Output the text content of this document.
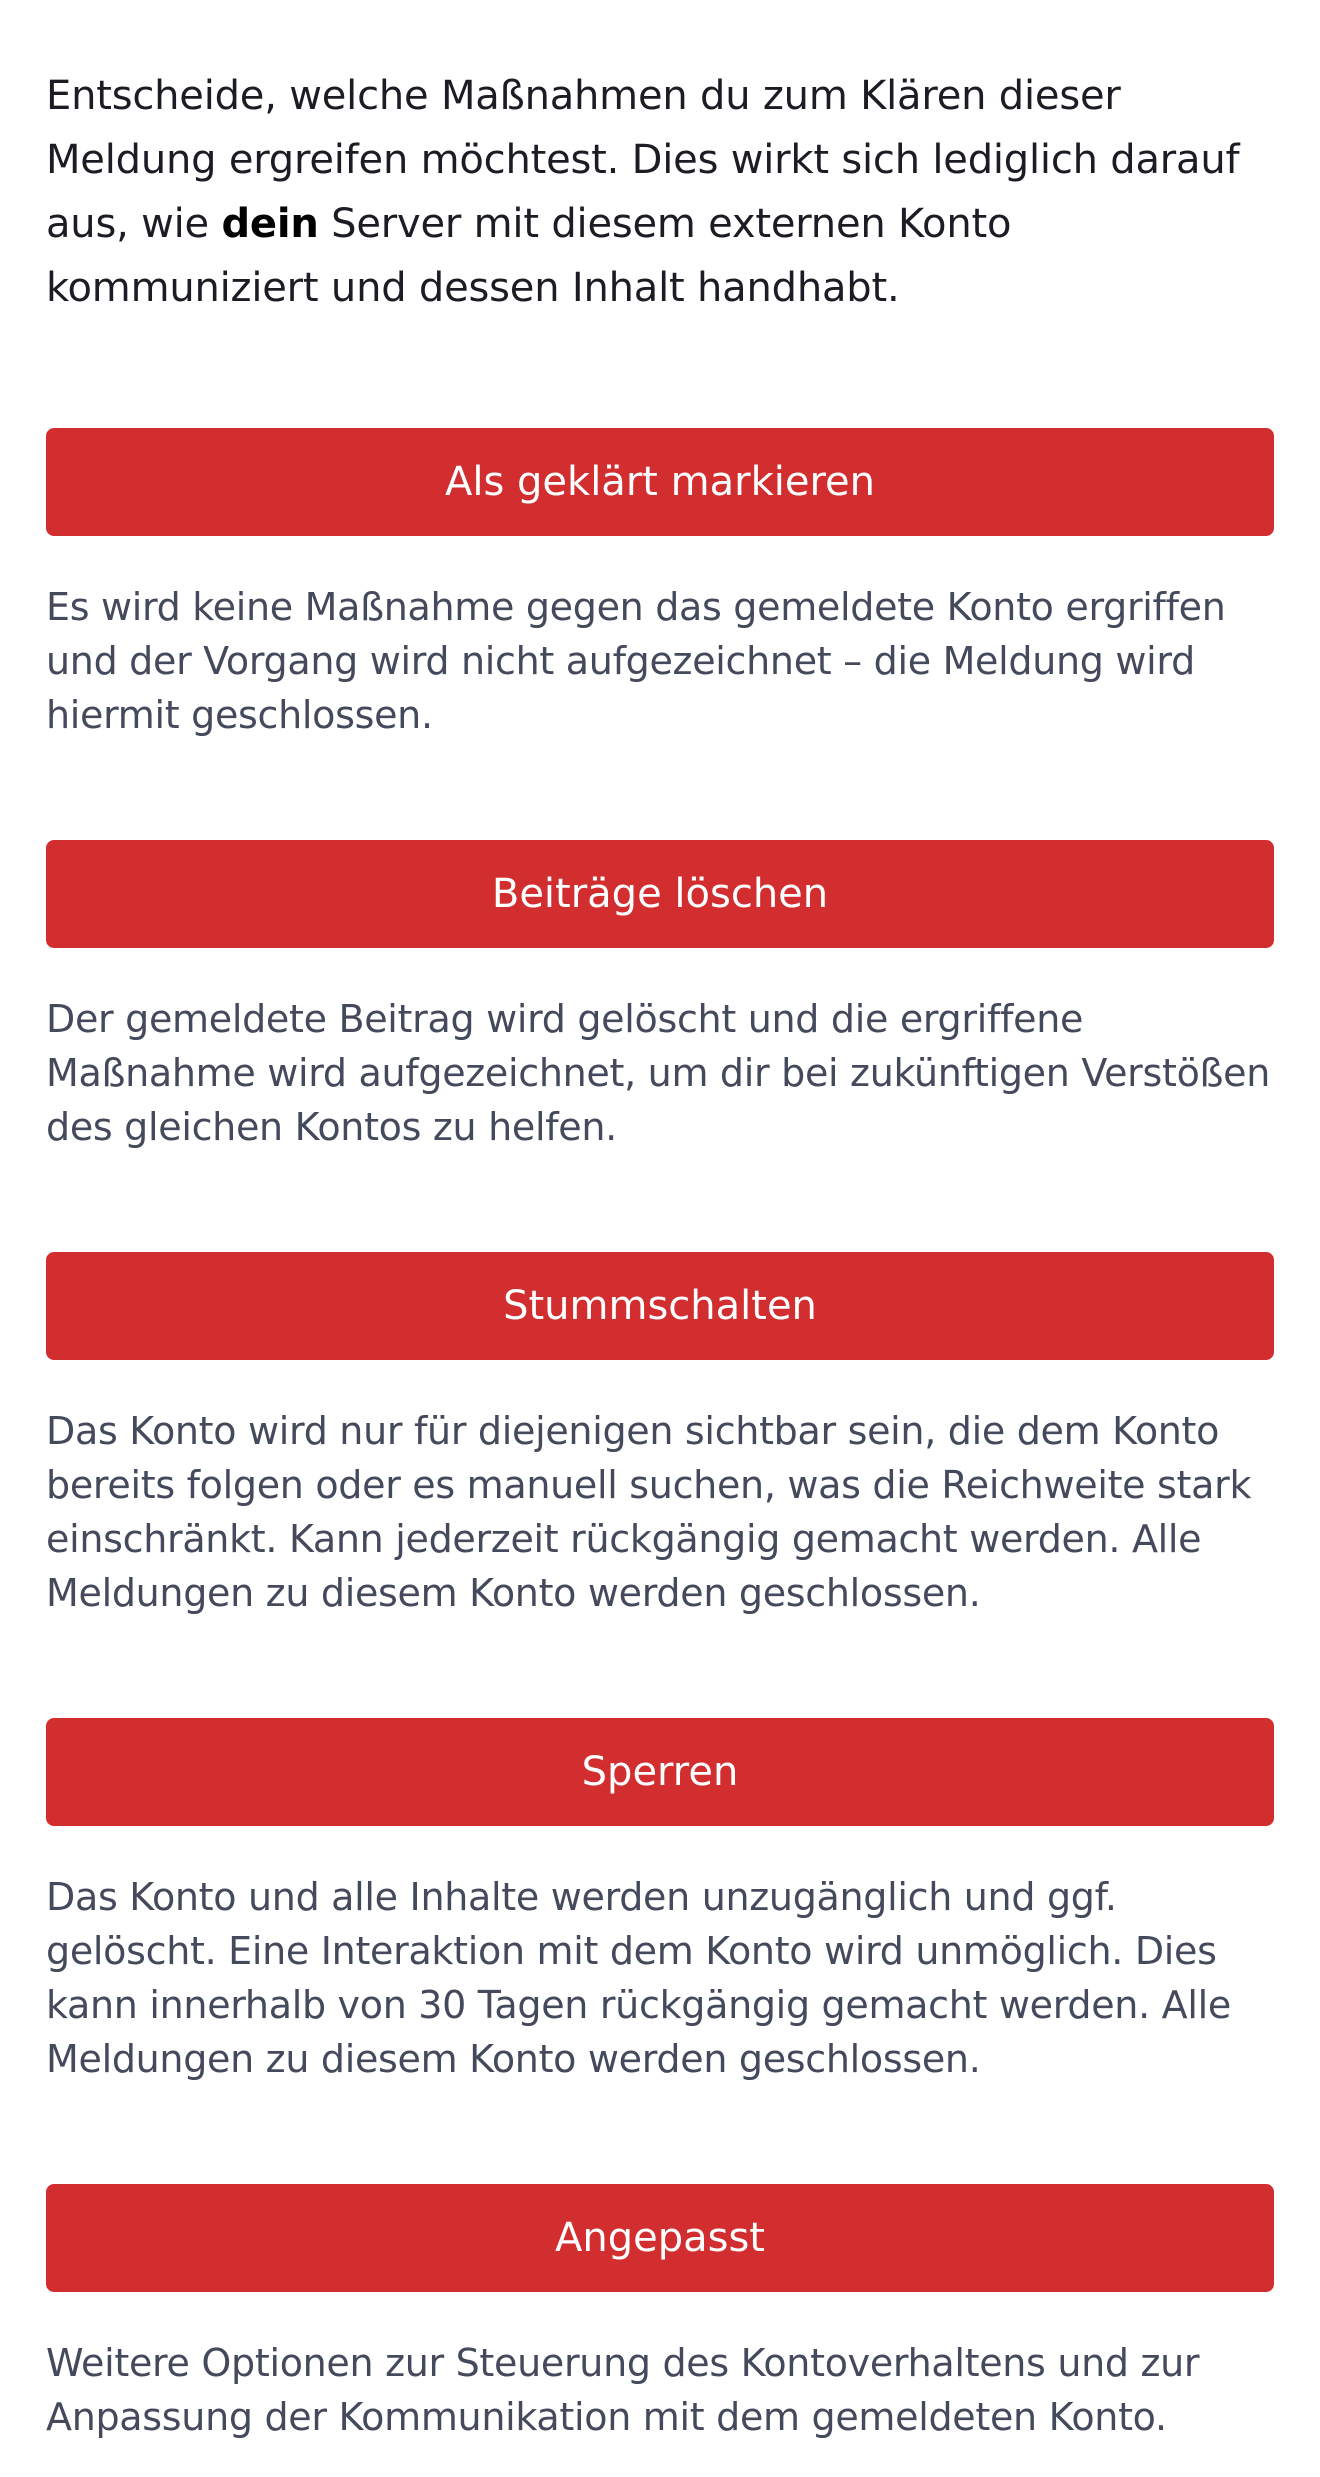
Entscheide, welche Maßnahmen du zum Klären dieser Meldung ergreifen möchtest. Dies wirkt sich lediglich darauf aus, wie dein Server mit diesem externen Konto kommuniziert und dessen Inhalt handhabt.

Als geklärt markieren

Es wird keine Maßnahme gegen das gemeldete Konto ergriffen und der Vorgang wird nicht aufgezeichnet – die Meldung wird hiermit geschlossen.

Beiträge löschen

Der gemeldete Beitrag wird gelöscht und die ergriffene Maßnahme wird aufgezeichnet, um dir bei zukünftigen Verstößen des gleichen Kontos zu helfen.

Stummschalten

Das Konto wird nur für diejenigen sichtbar sein, die dem Konto bereits folgen oder es manuell suchen, was die Reichweite stark einschränkt. Kann jederzeit rückgängig gemacht werden. Alle Meldungen zu diesem Konto werden geschlossen.

Sperren

Das Konto und alle Inhalte werden unzugänglich und ggf. gelöscht. Eine Interaktion mit dem Konto wird unmöglich. Dies kann innerhalb von 30 Tagen rückgängig gemacht werden. Alle Meldungen zu diesem Konto werden geschlossen.

Angepasst

Weitere Optionen zur Steuerung des Kontoverhaltens und zur Anpassung der Kommunikation mit dem gemeldeten Konto.
